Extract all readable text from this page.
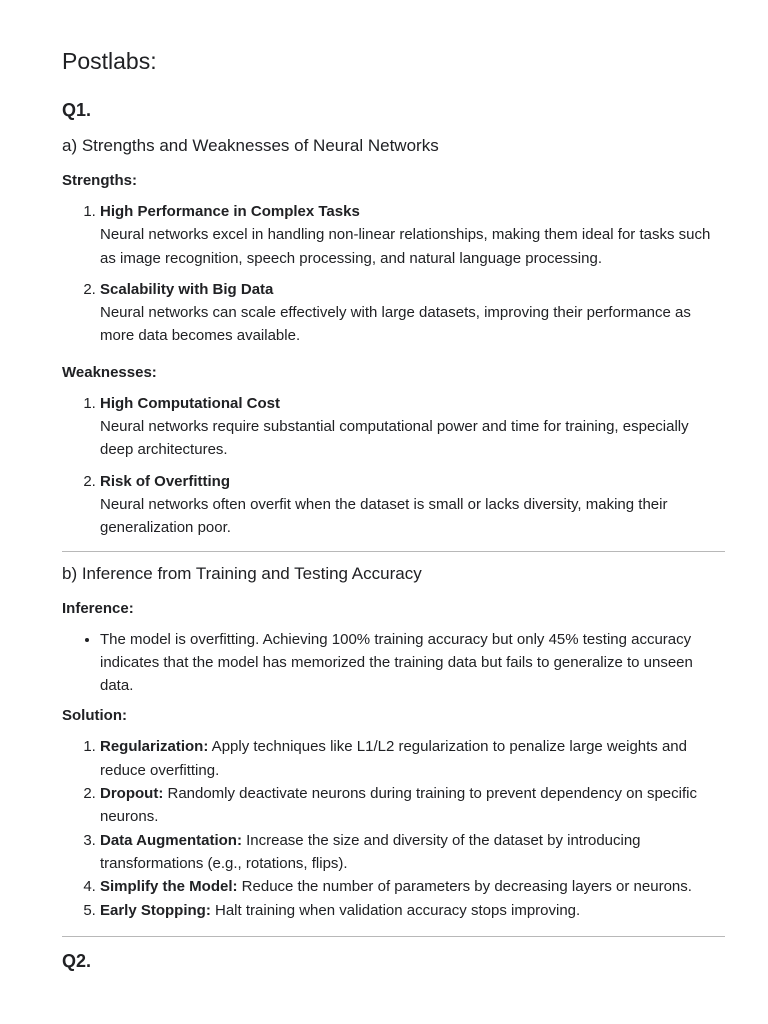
Postlabs:
Q1.
a) Strengths and Weaknesses of Neural Networks
Strengths:
1. High Performance in Complex Tasks
Neural networks excel in handling non-linear relationships, making them ideal for tasks such as image recognition, speech processing, and natural language processing.
2. Scalability with Big Data
Neural networks can scale effectively with large datasets, improving their performance as more data becomes available.
Weaknesses:
1. High Computational Cost
Neural networks require substantial computational power and time for training, especially deep architectures.
2. Risk of Overfitting
Neural networks often overfit when the dataset is small or lacks diversity, making their generalization poor.
b) Inference from Training and Testing Accuracy
Inference:
• The model is overfitting. Achieving 100% training accuracy but only 45% testing accuracy indicates that the model has memorized the training data but fails to generalize to unseen data.
Solution:
1. Regularization: Apply techniques like L1/L2 regularization to penalize large weights and reduce overfitting.
2. Dropout: Randomly deactivate neurons during training to prevent dependency on specific neurons.
3. Data Augmentation: Increase the size and diversity of the dataset by introducing transformations (e.g., rotations, flips).
4. Simplify the Model: Reduce the number of parameters by decreasing layers or neurons.
5. Early Stopping: Halt training when validation accuracy stops improving.
Q2.
